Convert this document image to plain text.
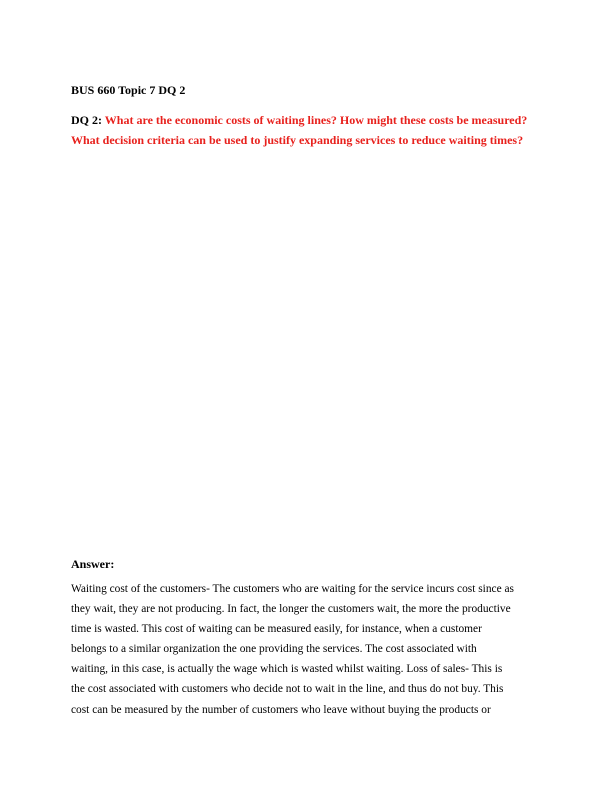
BUS 660 Topic 7 DQ 2
DQ 2: What are the economic costs of waiting lines? How might these costs be measured?
What decision criteria can be used to justify expanding services to reduce waiting times?
Answer:
Waiting cost of the customers- The customers who are waiting for the service incurs cost since as
they wait, they are not producing. In fact, the longer the customers wait, the more the productive
time is wasted. This cost of waiting can be measured easily, for instance, when a customer
belongs to a similar organization the one providing the services. The cost associated with
waiting, in this case, is actually the wage which is wasted whilst waiting. Loss of sales- This is
the cost associated with customers who decide not to wait in the line, and thus do not buy. This
cost can be measured by the number of customers who leave without buying the products or
